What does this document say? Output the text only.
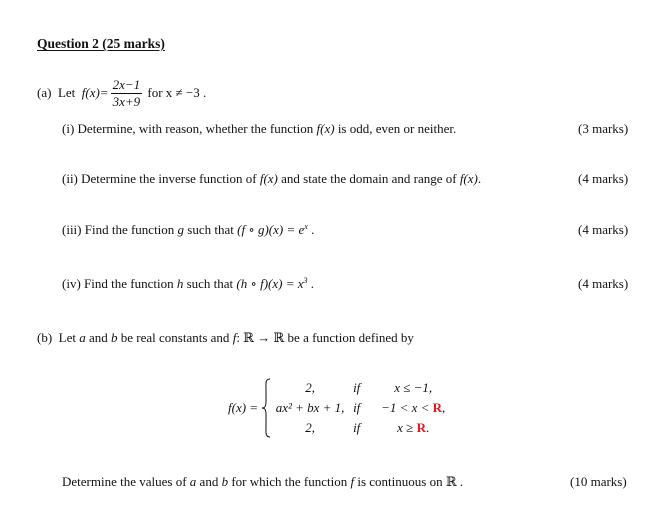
Question 2 (25 marks)
(a) Let $f(x)= \frac{2x-1}{3x+9}$ for x ≠ −3 .
(i) Determine, with reason, whether the function f(x) is odd, even or neither.	(3 marks)
(ii) Determine the inverse function of f(x) and state the domain and range of f(x).	(4 marks)
(iii) Find the function g such that (f ∘ $g)(x) = e^x$ .	(4 marks)
(iv) Find the function h such that (h ∘ $f)(x) = x^3$ .	(4 marks)
(b) Let a and b be real constants and f: ℝ → ℝ be a function defined by
f(x) =
2,	if	x ≤ −1,
ax² + bx + 1, if	−1 < x < R,
2,	if	x ≥ R.
Determine the values of a and b for which the function f is continuous on ℝ .	(10 marks)
